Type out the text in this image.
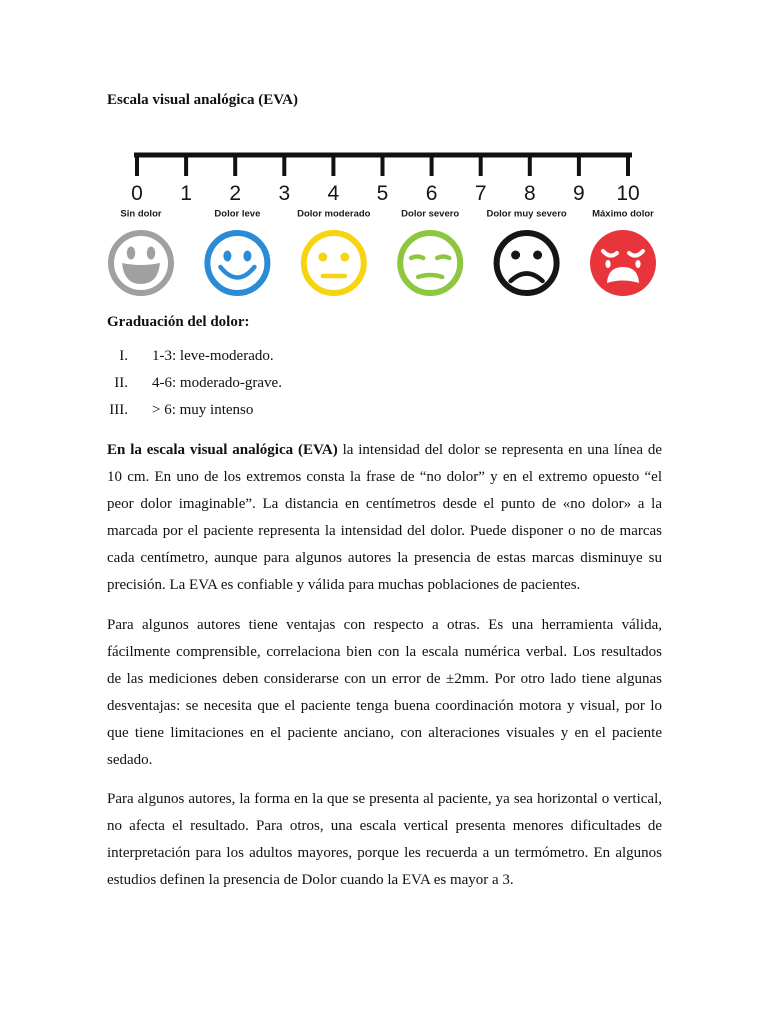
Escala visual analógica (EVA)
0 1 2 3 4 5 6 7 8 9 10
Sin dolor	Dolor leve	Dolor moderado	Dolor severo	Dolor muy severo	Máximo dolor
Graduación del dolor:
I. 1-3: leve-moderado.
II. 4-6: moderado-grave.
III. > 6: muy intenso
En la escala visual analógica (EVA) la intensidad del dolor se representa en una línea de
10 cm. En uno de los extremos consta la frase de “no dolor” y en el extremo opuesto “el
peor dolor imaginable”. La distancia en centímetros desde el punto de «no dolor» a la
marcada por el paciente representa la intensidad del dolor. Puede disponer o no de marcas
cada centímetro, aunque para algunos autores la presencia de estas marcas disminuye su
precisión. La EVA es confiable y válida para muchas poblaciones de pacientes.
Para algunos autores tiene ventajas con respecto a otras. Es una herramienta válida,
fácilmente comprensible, correlaciona bien con la escala numérica verbal. Los resultados
de las mediciones deben considerarse con un error de ±2mm. Por otro lado tiene algunas
desventajas: se necesita que el paciente tenga buena coordinación motora y visual, por lo
que tiene limitaciones en el paciente anciano, con alteraciones visuales y en el paciente
sedado.
Para algunos autores, la forma en la que se presenta al paciente, ya sea horizontal o vertical,
no afecta el resultado. Para otros, una escala vertical presenta menores dificultades de
interpretación para los adultos mayores, porque les recuerda a un termómetro. En algunos
estudios definen la presencia de Dolor cuando la EVA es mayor a 3.
